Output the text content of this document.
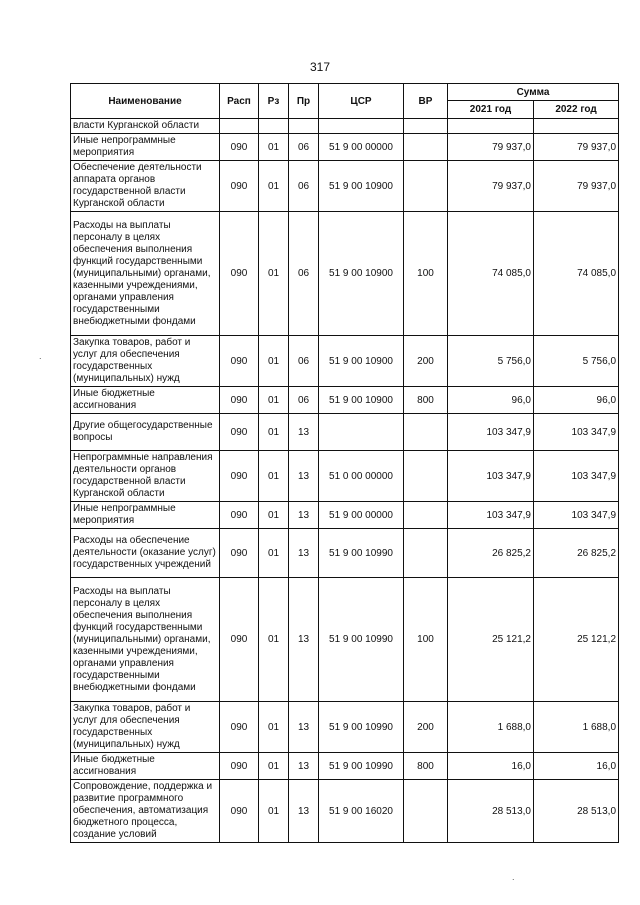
317
.
.
Наименование	Расп	Рз	Пр	ЦСР	ВР	Сумма	
						2021 год	2022 год
власти Курганской области							
Иные непрограммные мероприятия	090	01	06	51 9 00 00000		79 937,0	79 937,0
Обеспечение деятельности аппарата органов государственной власти Курганской области	090	01	06	51 9 00 10900		79 937,0	79 937,0
Расходы на выплаты персоналу в целях обеспечения выполнения функций государственными (муниципальными) органами, казенными учреждениями, органами управления государственными внебюджетными фондами	090	01	06	51 9 00 10900	100	74 085,0	74 085,0
Закупка товаров, работ и услуг для обеспечения государственных (муниципальных) нужд	090	01	06	51 9 00 10900	200	5 756,0	5 756,0
Иные бюджетные ассигнования	090	01	06	51 9 00 10900	800	96,0	96,0
Другие общегосударственные вопросы	090	01	13			103 347,9	103 347,9
Непрограммные направления деятельности органов государственной власти Курганской области	090	01	13	51 0 00 00000		103 347,9	103 347,9
Иные непрограммные мероприятия	090	01	13	51 9 00 00000		103 347,9	103 347,9
Расходы на обеспечение деятельности (оказание услуг) государственных учреждений	090	01	13	51 9 00 10990		26 825,2	26 825,2
Расходы на выплаты персоналу в целях обеспечения выполнения функций государственными (муниципальными) органами, казенными учреждениями, органами управления государственными внебюджетными фондами	090	01	13	51 9 00 10990	100	25 121,2	25 121,2
Закупка товаров, работ и услуг для обеспечения государственных (муниципальных) нужд	090	01	13	51 9 00 10990	200	1 688,0	1 688,0
Иные бюджетные ассигнования	090	01	13	51 9 00 10990	800	16,0	16,0
Сопровождение, поддержка и развитие программного обеспечения, автоматизация бюджетного процесса, создание условий	090	01	13	51 9 00 16020		28 513,0	28 513,0
